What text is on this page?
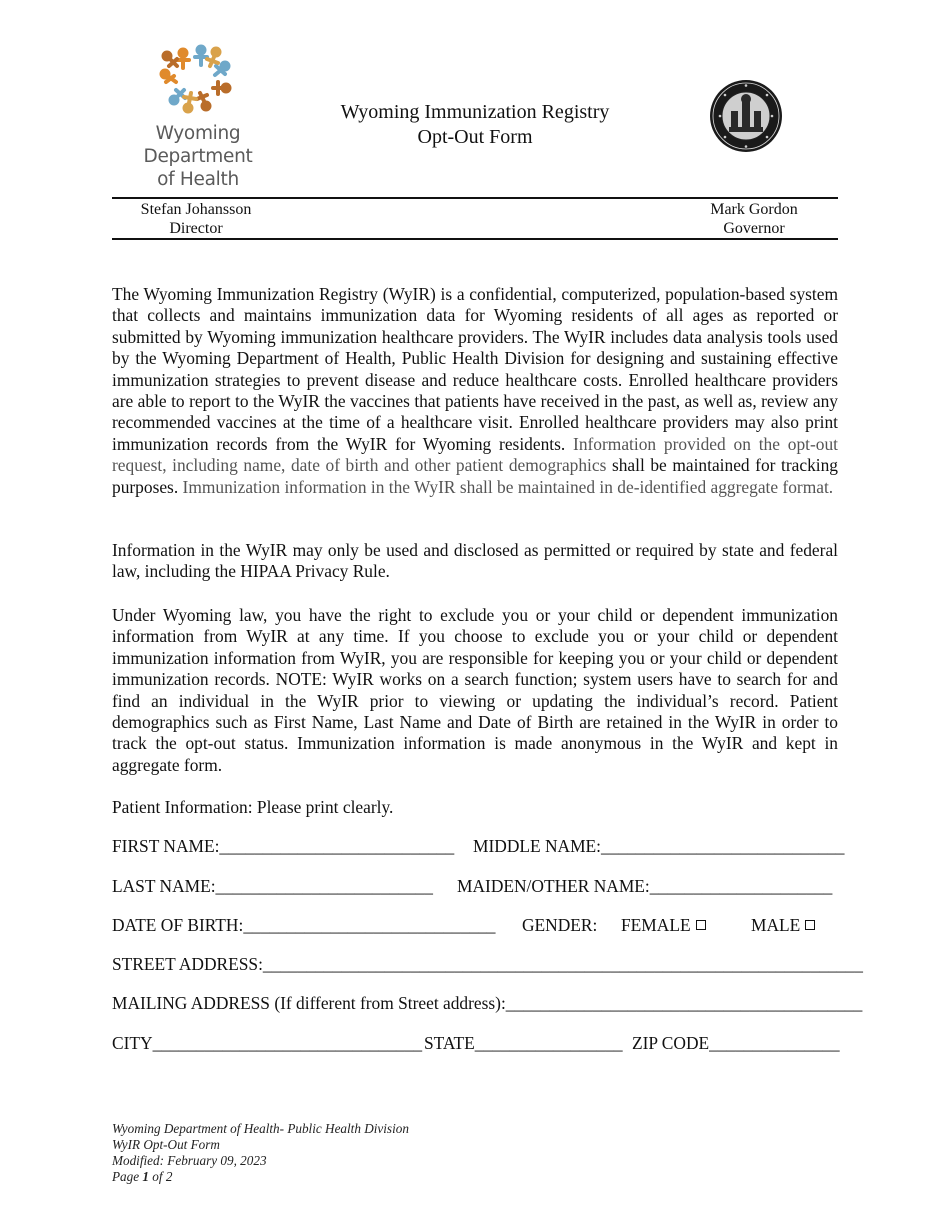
Wyoming
Department
of Health
Wyoming Immunization Registry
Opt-Out Form
Stefan Johansson
Director
Mark Gordon
Governor
The Wyoming Immunization Registry (WyIR) is a confidential, computerized, population-based system that collects and maintains immunization data for Wyoming residents of all ages as reported or submitted by Wyoming immunization healthcare providers. The WyIR includes data analysis tools used by the Wyoming Department of Health, Public Health Division for designing and sustaining effective immunization strategies to prevent disease and reduce healthcare costs. Enrolled healthcare providers are able to report to the WyIR the vaccines that patients have received in the past, as well as, review any recommended vaccines at the time of a healthcare visit. Enrolled healthcare providers may also print immunization records from the WyIR for Wyoming residents. Information provided on the opt-out request, including name, date of birth and other patient demographics shall be maintained for tracking purposes. Immunization information in the WyIR shall be maintained in de-identified aggregate format.
Information in the WyIR may only be used and disclosed as permitted or required by state and federal law, including the HIPAA Privacy Rule.
Under Wyoming law, you have the right to exclude you or your child or dependent immunization information from WyIR at any time. If you choose to exclude you or your child or dependent immunization information from WyIR, you are responsible for keeping you or your child or dependent immunization records. NOTE: WyIR works on a search function; system users have to search for and find an individual in the WyIR prior to viewing or updating the individual’s record. Patient demographics such as First Name, Last Name and Date of Birth are retained in the WyIR in order to track the opt-out status. Immunization information is made anonymous in the WyIR and kept in aggregate form.
Patient Information: Please print clearly.
FIRST NAME:___________________________ MIDDLE NAME:____________________________
LAST NAME:_________________________ MAIDEN/OTHER NAME:_____________________
DATE OF BIRTH:_____________________________ GENDER: FEMALE	MALE
STREET ADDRESS:_____________________________________________________________________
MAILING ADDRESS (If different from Street address):_________________________________________
CITY_______________________________ STATE_________________ ZIP CODE_______________
Wyoming Department of Health- Public Health Division
WyIR Opt-Out Form
Modified: February 09, 2023
Page 1 of 2
